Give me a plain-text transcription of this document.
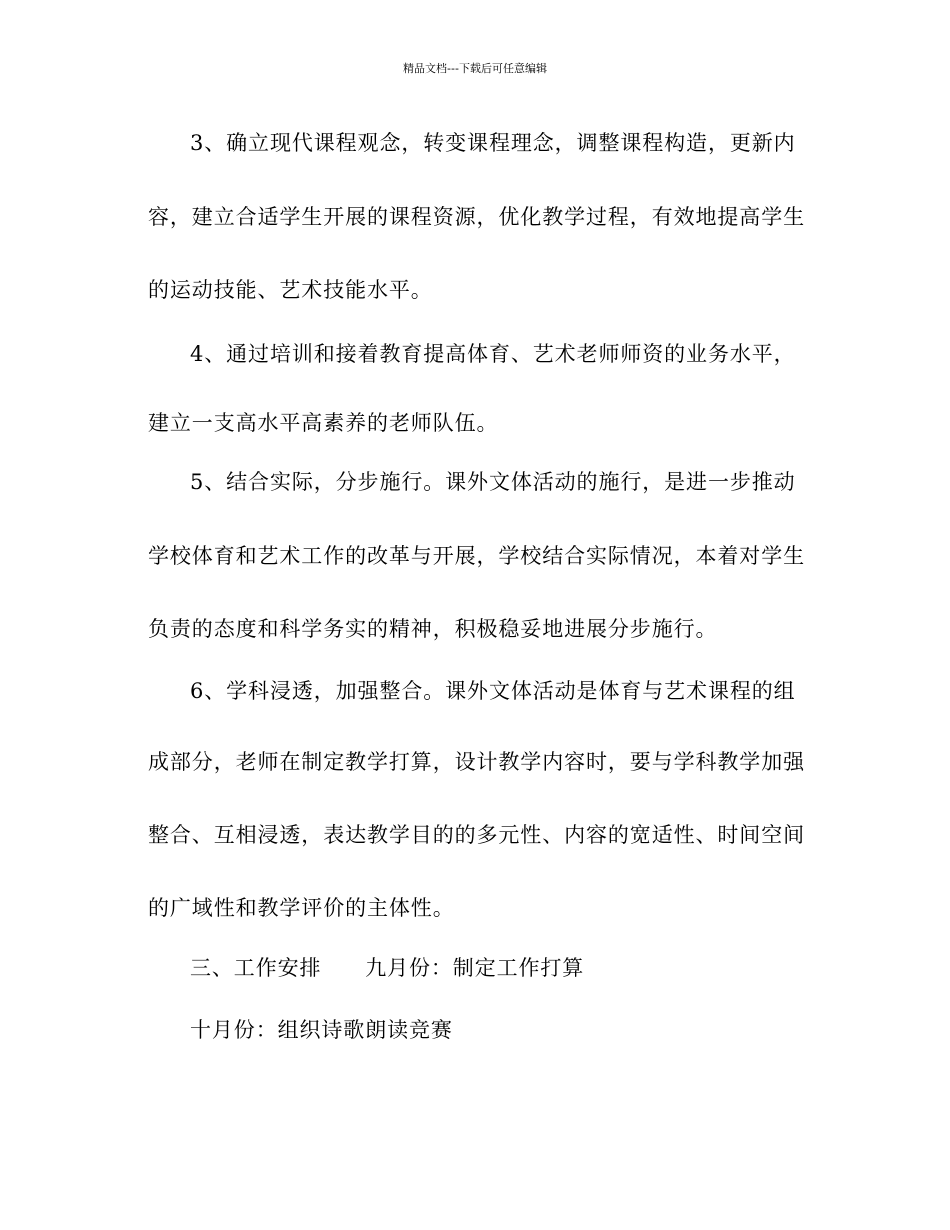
精品文档---下载后可任意编辑
3、确立现代课程观念，转变课程理念，调整课程构造，更新内
容，建立合适学生开展的课程资源，优化教学过程，有效地提高学生
的运动技能、艺术技能水平。
4、通过培训和接着教育提高体育、艺术老师师资的业务水平，
建立一支高水平高素养的老师队伍。
5、结合实际，分步施行。课外文体活动的施行，是进一步推动
学校体育和艺术工作的改革与开展，学校结合实际情况，本着对学生
负责的态度和科学务实的精神，积极稳妥地进展分步施行。
6、学科浸透，加强整合。课外文体活动是体育与艺术课程的组
成部分，老师在制定教学打算，设计教学内容时，要与学科教学加强
整合、互相浸透，表达教学目的的多元性、内容的宽适性、时间空间
的广域性和教学评价的主体性。
三、工作安排　　九月份：制定工作打算
十月份：组织诗歌朗读竞赛
